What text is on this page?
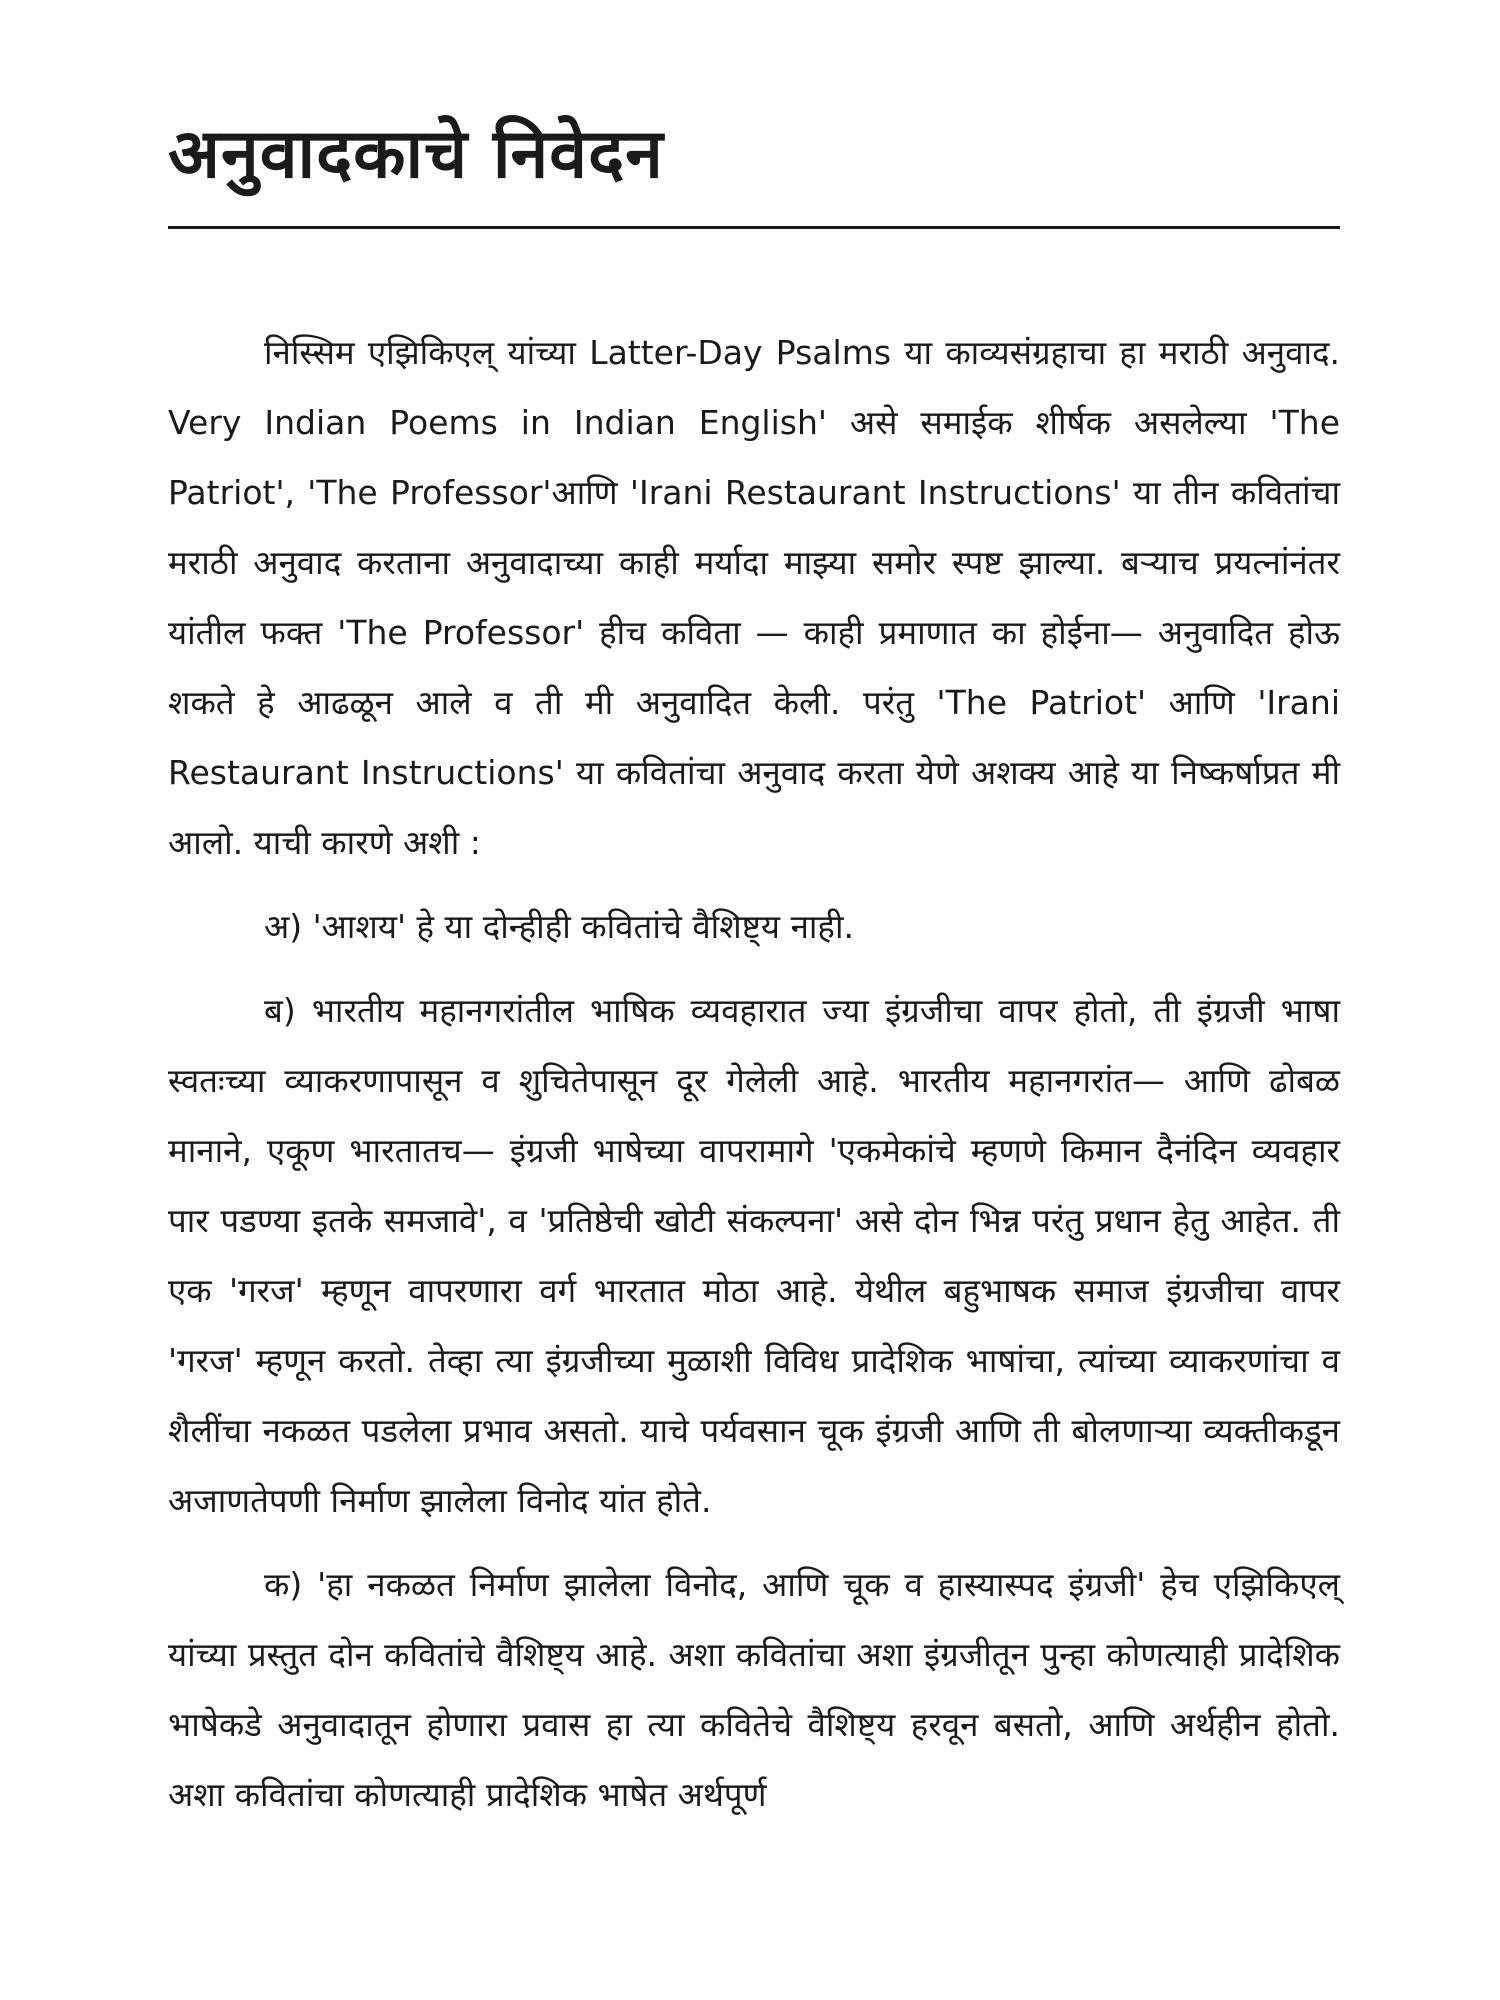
अनुवादकाचे निवेदन

निस्सिम एझिकिएल् यांच्या Latter-Day Psalms या काव्यसंग्रहाचा हा मराठी अनुवाद. Very Indian Poems in Indian English' असे समाईक शीर्षक असलेल्या 'The Patriot', 'The Professor'आणि 'Irani Restaurant Instructions' या तीन कवितांचा मराठी अनुवाद करताना अनुवादाच्या काही मर्यादा माझ्या समोर स्पष्ट झाल्या. बऱ्याच प्रयत्नांनंतर यांतील फक्त 'The Professor' हीच कविता — काही प्रमाणात का होईना— अनुवादित होऊ शकते हे आढळून आले व ती मी अनुवादित केली. परंतु 'The Patriot' आणि 'Irani Restaurant Instructions' या कवितांचा अनुवाद करता येणे अशक्य आहे या निष्कर्षाप्रत मी आलो. याची कारणे अशी :

अ) 'आशय' हे या दोन्हीही कवितांचे वैशिष्ट्य नाही.

ब) भारतीय महानगरांतील भाषिक व्यवहारात ज्या इंग्रजीचा वापर होतो, ती इंग्रजी भाषा स्वतःच्या व्याकरणापासून व शुचितेपासून दूर गेलेली आहे. भारतीय महानगरांत— आणि ढोबळ मानाने, एकूण भारतातच— इंग्रजी भाषेच्या वापरामागे 'एकमेकांचे म्हणणे किमान दैनंदिन व्यवहार पार पडण्या इतके समजावे', व 'प्रतिष्ठेची खोटी संकल्पना' असे दोन भिन्न परंतु प्रधान हेतु आहेत. ती एक 'गरज' म्हणून वापरणारा वर्ग भारतात मोठा आहे. येथील बहुभाषक समाज इंग्रजीचा वापर 'गरज' म्हणून करतो. तेव्हा त्या इंग्रजीच्या मुळाशी विविध प्रादेशिक भाषांचा, त्यांच्या व्याकरणांचा व शैलींचा नकळत पडलेला प्रभाव असतो. याचे पर्यवसान चूक इंग्रजी आणि ती बोलणाऱ्या व्यक्तीकडून अजाणतेपणी निर्माण झालेला विनोद यांत होते.

क) 'हा नकळत निर्माण झालेला विनोद, आणि चूक व हास्यास्पद इंग्रजी' हेच एझिकिएल् यांच्या प्रस्तुत दोन कवितांचे वैशिष्ट्य आहे. अशा कवितांचा अशा इंग्रजीतून पुन्हा कोणत्याही प्रादेशिक भाषेकडे अनुवादातून होणारा प्रवास हा त्या कवितेचे वैशिष्ट्य हरवून बसतो, आणि अर्थहीन होतो. अशा कवितांचा कोणत्याही प्रादेशिक भाषेत अर्थपूर्ण
